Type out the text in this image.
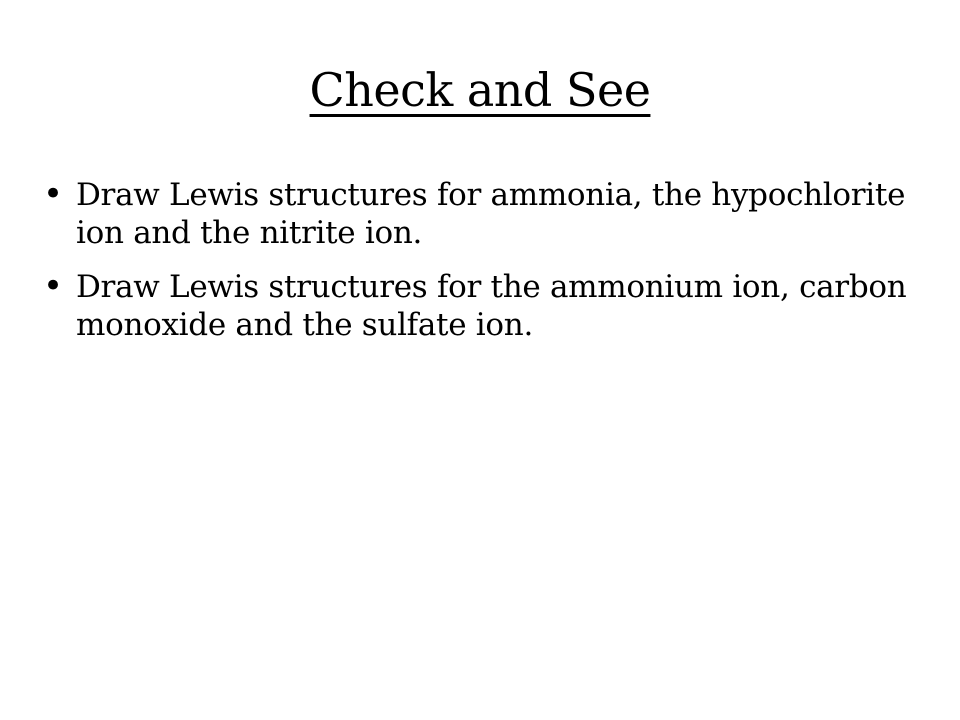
Check and See
• Draw Lewis structures for ammonia, the hypochlorite ion and the nitrite ion.
• Draw Lewis structures for the ammonium ion, carbon monoxide and the sulfate ion.
